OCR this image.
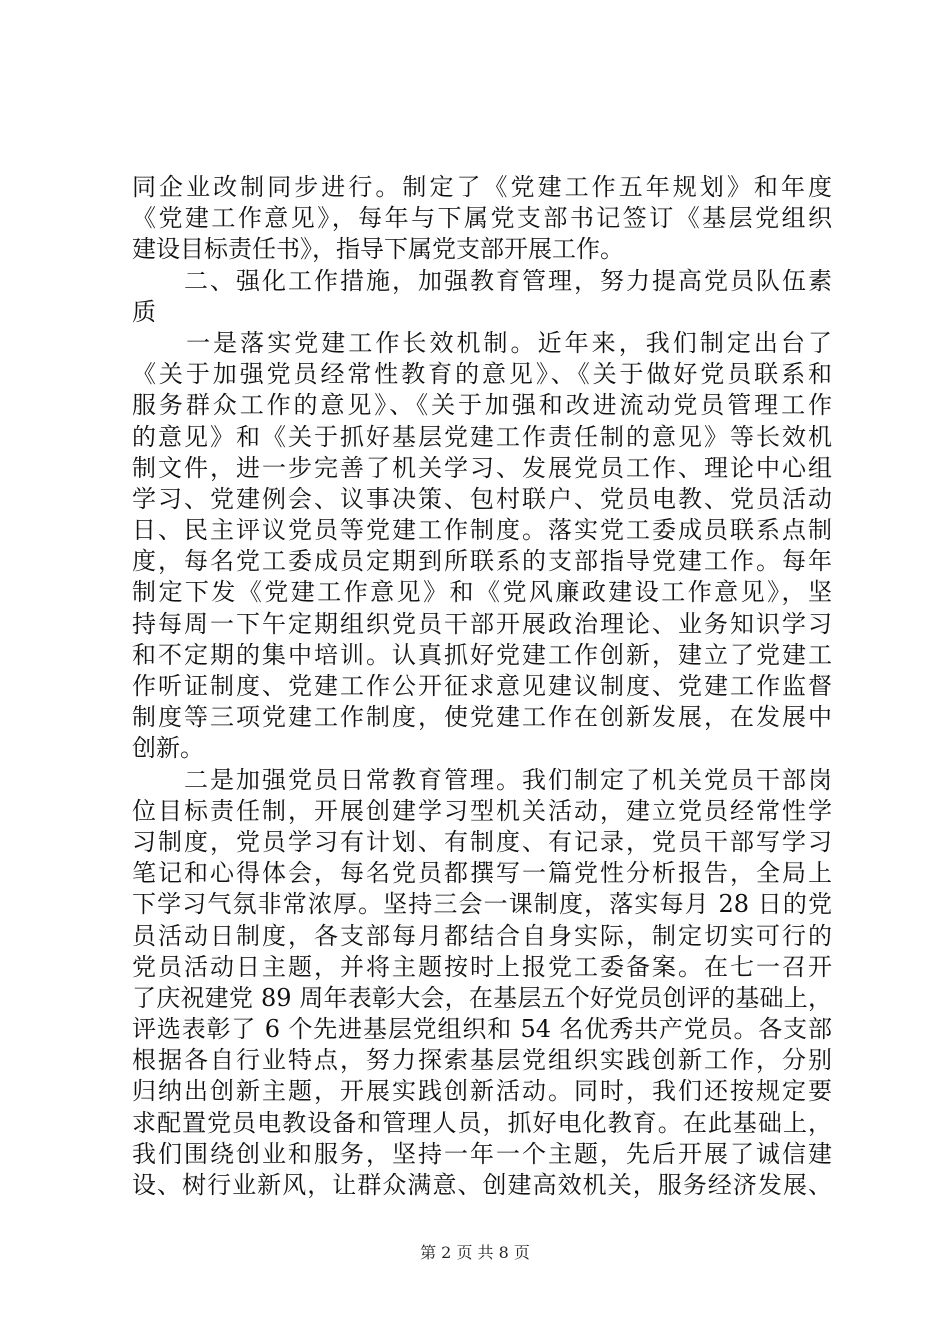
同企业改制同步进行。制定了《党建工作五年规划》和年度
《党建工作意见》，每年与下属党支部书记签订《基层党组织
建设目标责任书》，指导下属党支部开展工作。
　　二、强化工作措施，加强教育管理，努力提高党员队伍素
质
　　一是落实党建工作长效机制。近年来，我们制定出台了
《关于加强党员经常性教育的意见》、《关于做好党员联系和
服务群众工作的意见》、《关于加强和改进流动党员管理工作
的意见》和《关于抓好基层党建工作责任制的意见》等长效机
制文件，进一步完善了机关学习、发展党员工作、理论中心组
学习、党建例会、议事决策、包村联户、党员电教、党员活动
日、民主评议党员等党建工作制度。落实党工委成员联系点制
度，每名党工委成员定期到所联系的支部指导党建工作。每年
制定下发《党建工作意见》和《党风廉政建设工作意见》，坚
持每周一下午定期组织党员干部开展政治理论、业务知识学习
和不定期的集中培训。认真抓好党建工作创新，建立了党建工
作听证制度、党建工作公开征求意见建议制度、党建工作监督
制度等三项党建工作制度，使党建工作在创新发展，在发展中
创新。
　　二是加强党员日常教育管理。我们制定了机关党员干部岗
位目标责任制，开展创建学习型机关活动，建立党员经常性学
习制度，党员学习有计划、有制度、有记录，党员干部写学习
笔记和心得体会，每名党员都撰写一篇党性分析报告，全局上
下学习气氛非常浓厚。坚持三会一课制度，落实每月 28 日的党
员活动日制度，各支部每月都结合自身实际，制定切实可行的
党员活动日主题，并将主题按时上报党工委备案。在七一召开
了庆祝建党 89 周年表彰大会，在基层五个好党员创评的基础上，
评选表彰了 6 个先进基层党组织和 54 名优秀共产党员。各支部
根据各自行业特点，努力探索基层党组织实践创新工作，分别
归纳出创新主题，开展实践创新活动。同时，我们还按规定要
求配置党员电教设备和管理人员，抓好电化教育。在此基础上，
我们围绕创业和服务，坚持一年一个主题，先后开展了诚信建
设、树行业新风，让群众满意、创建高效机关，服务经济发展、
第 2 页 共 8 页
